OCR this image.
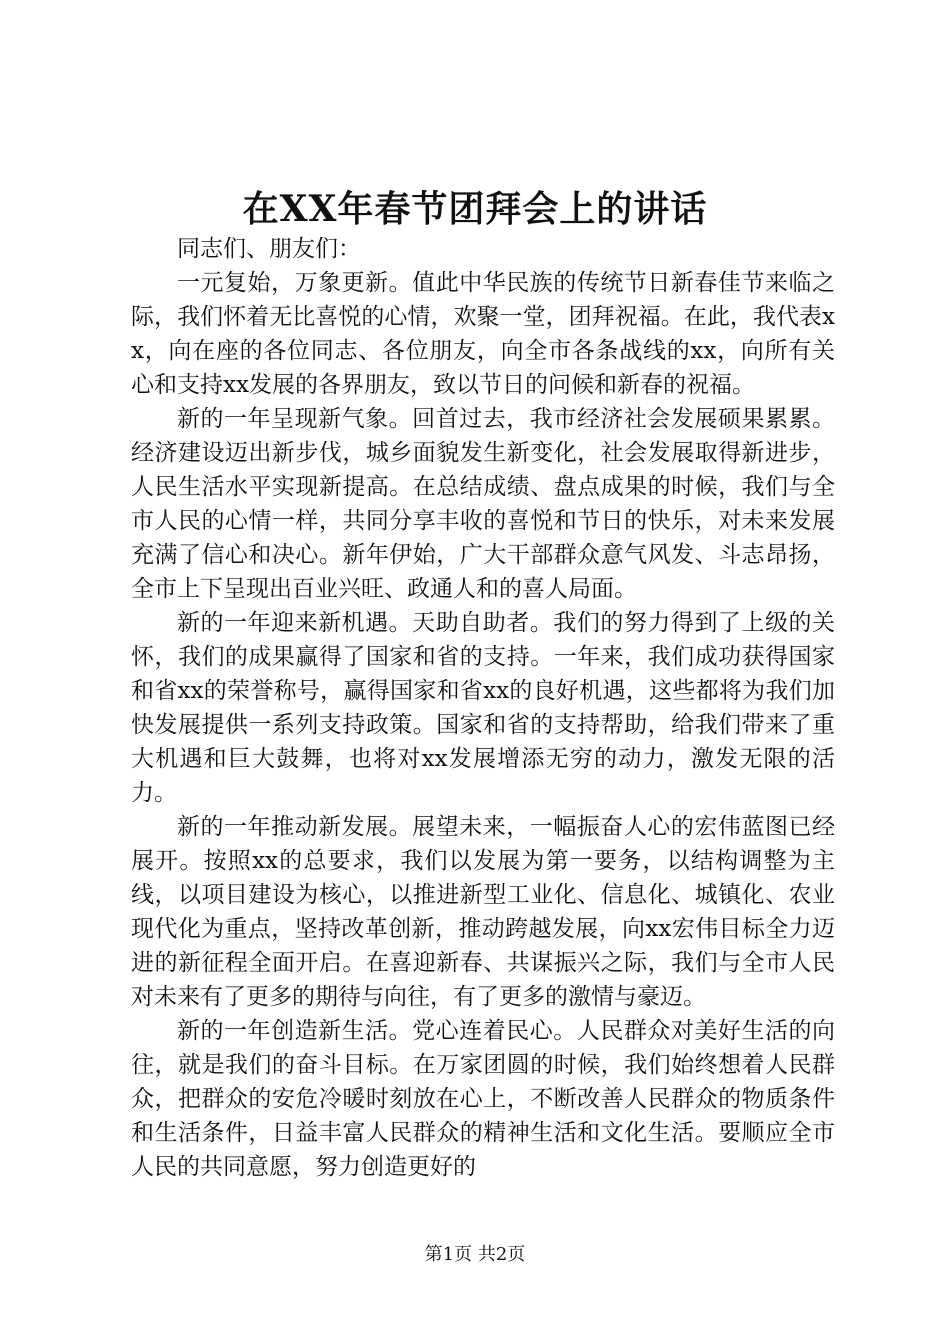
在XX年春节团拜会上的讲话

同志们、朋友们：

一元复始，万象更新。值此中华民族的传统节日新春佳节来临之际，我们怀着无比喜悦的心情，欢聚一堂，团拜祝福。在此，我代表xx，向在座的各位同志、各位朋友，向全市各条战线的xx，向所有关心和支持xx发展的各界朋友，致以节日的问候和新春的祝福。

新的一年呈现新气象。回首过去，我市经济社会发展硕果累累。经济建设迈出新步伐，城乡面貌发生新变化，社会发展取得新进步，人民生活水平实现新提高。在总结成绩、盘点成果的时候，我们与全市人民的心情一样，共同分享丰收的喜悦和节日的快乐，对未来发展充满了信心和决心。新年伊始，广大干部群众意气风发、斗志昂扬，全市上下呈现出百业兴旺、政通人和的喜人局面。

新的一年迎来新机遇。天助自助者。我们的努力得到了上级的关怀，我们的成果赢得了国家和省的支持。一年来，我们成功获得国家和省xx的荣誉称号，赢得国家和省xx的良好机遇，这些都将为我们加快发展提供一系列支持政策。国家和省的支持帮助，给我们带来了重大机遇和巨大鼓舞，也将对xx发展增添无穷的动力，激发无限的活力。

新的一年推动新发展。展望未来，一幅振奋人心的宏伟蓝图已经展开。按照xx的总要求，我们以发展为第一要务，以结构调整为主线，以项目建设为核心，以推进新型工业化、信息化、城镇化、农业现代化为重点，坚持改革创新，推动跨越发展，向xx宏伟目标全力迈进的新征程全面开启。在喜迎新春、共谋振兴之际，我们与全市人民对未来有了更多的期待与向往，有了更多的激情与豪迈。

新的一年创造新生活。党心连着民心。人民群众对美好生活的向往，就是我们的奋斗目标。在万家团圆的时候，我们始终想着人民群众，把群众的安危冷暖时刻放在心上，不断改善人民群众的物质条件和生活条件，日益丰富人民群众的精神生活和文化生活。要顺应全市人民的共同意愿，努力创造更好的

第1页 共2页
